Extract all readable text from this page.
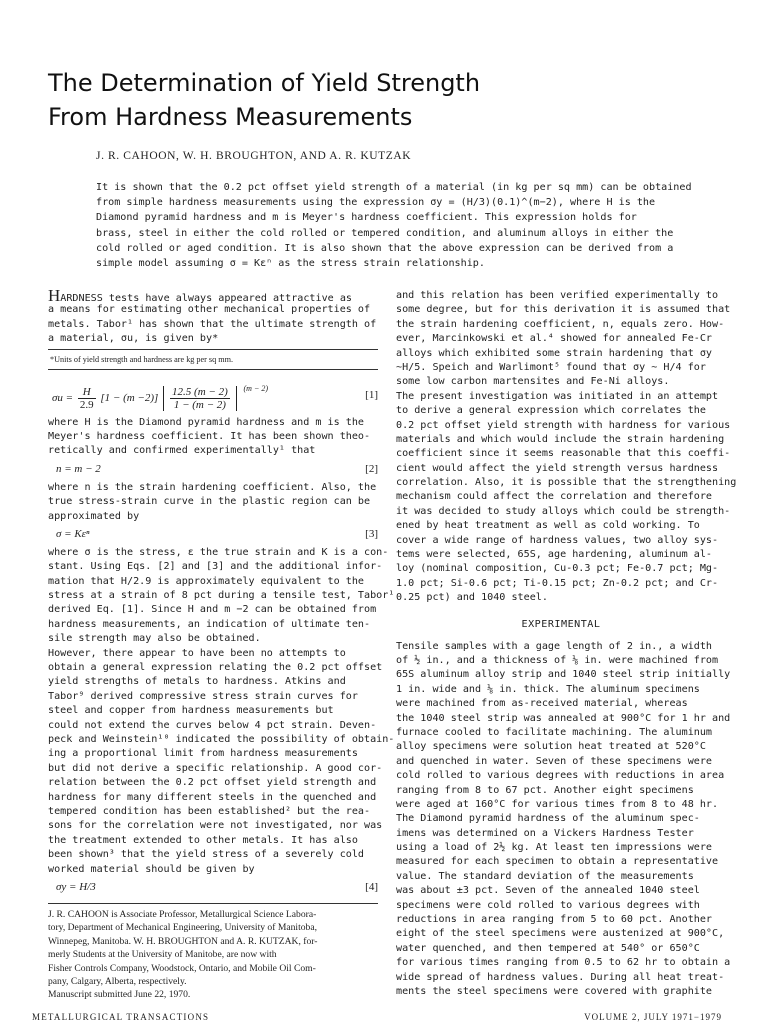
The Determination of Yield Strength
From Hardness Measurements
J. R. CAHOON, W. H. BROUGHTON, AND A. R. KUTZAK
It is shown that the 0.2 pct offset yield strength of a material (in kg per sq mm) can be obtained
from simple hardness measurements using the expression σy = (H/3)(0.1)^(m−2), where H is the
Diamond pyramid hardness and m is Meyer's hardness coefficient. This expression holds for
brass, steel in either the cold rolled or tempered condition, and aluminum alloys in either the
cold rolled or aged condition. It is also shown that the above expression can be derived from a
simple model assuming σ = Kεⁿ as the stress strain relationship.
HARDNESS tests have always appeared attractive as
a means for estimating other mechanical properties of
metals. Tabor¹ has shown that the ultimate strength of
a material, σu, is given by*
*Units of yield strength and hardness are kg per sq mm.
$\sigma u = \frac{H}{2.9} [1 - (m -2)] \frac{12.5 (m - 2)}{1 - (m - 2)} ^{(m - 2)}$
[1]
where H is the Diamond pyramid hardness and m is the
Meyer's hardness coefficient. It has been shown theo-
retically and confirmed experimentally¹ that
n = m − 2	[2]
where n is the strain hardening coefficient. Also, the
true stress-strain curve in the plastic region can be
approximated by
σ = Kεⁿ	[3]
where σ is the stress, ε the true strain and K is a con-
stant. Using Eqs. [2] and [3] and the additional infor-
mation that H/2.9 is approximately equivalent to the
stress at a strain of 8 pct during a tensile test, Tabor¹
derived Eq. [1]. Since H and m −2 can be obtained from
hardness measurements, an indication of ultimate ten-
sile strength may also be obtained.
However, there appear to have been no attempts to
obtain a general expression relating the 0.2 pct offset
yield strengths of metals to hardness. Atkins and
Tabor⁹ derived compressive stress strain curves for
steel and copper from hardness measurements but
could not extend the curves below 4 pct strain. Deven-
peck and Weinstein¹⁰ indicated the possibility of obtain-
ing a proportional limit from hardness measurements
but did not derive a specific relationship. A good cor-
relation between the 0.2 pct offset yield strength and
hardness for many different steels in the quenched and
tempered condition has been established² but the rea-
sons for the correlation were not investigated, nor was
the treatment extended to other metals. It has also
been shown³ that the yield stress of a severely cold
worked material should be given by
σy = H/3	[4]
J. R. CAHOON is Associate Professor, Metallurgical Science Labora-
tory, Department of Mechanical Engineering, University of Manitoba,
Winnepeg, Manitoba. W. H. BROUGHTON and A. R. KUTZAK, for-
merly Students at the University of Manitobe, are now with
Fisher Controls Company, Woodstock, Ontario, and Mobile Oil Com-
pany, Calgary, Alberta, respectively.
Manuscript submitted June 22, 1970.
and this relation has been verified experimentally to
some degree, but for this derivation it is assumed that
the strain hardening coefficient, n, equals zero. How-
ever, Marcinkowski et al.⁴ showed for annealed Fe-Cr
alloys which exhibited some strain hardening that σy
~H/5. Speich and Warlimont⁵ found that σy ~ H/4 for
some low carbon martensites and Fe-Ni alloys.
The present investigation was initiated in an attempt
to derive a general expression which correlates the
0.2 pct offset yield strength with hardness for various
materials and which would include the strain hardening
coefficient since it seems reasonable that this coeffi-
cient would affect the yield strength versus hardness
correlation. Also, it is possible that the strengthening
mechanism could affect the correlation and therefore
it was decided to study alloys which could be strength-
ened by heat treatment as well as cold working. To
cover a wide range of hardness values, two alloy sys-
tems were selected, 65S, age hardening, aluminum al-
loy (nominal composition, Cu-0.3 pct; Fe-0.7 pct; Mg-
1.0 pct; Si-0.6 pct; Ti-0.15 pct; Zn-0.2 pct; and Cr-
0.25 pct) and 1040 steel.
EXPERIMENTAL
Tensile samples with a gage length of 2 in., a width
of ½ in., and a thickness of ⅛ in. were machined from
65S aluminum alloy strip and 1040 steel strip initially
1 in. wide and ⅛ in. thick. The aluminum specimens
were machined from as-received material, whereas
the 1040 steel strip was annealed at 900°C for 1 hr and
furnace cooled to facilitate machining. The aluminum
alloy specimens were solution heat treated at 520°C
and quenched in water. Seven of these specimens were
cold rolled to various degrees with reductions in area
ranging from 8 to 67 pct. Another eight specimens
were aged at 160°C for various times from 8 to 48 hr.
The Diamond pyramid hardness of the aluminum spec-
imens was determined on a Vickers Hardness Tester
using a load of 2½ kg. At least ten impressions were
measured for each specimen to obtain a representative
value. The standard deviation of the measurements
was about ±3 pct. Seven of the annealed 1040 steel
specimens were cold rolled to various degrees with
reductions in area ranging from 5 to 60 pct. Another
eight of the steel specimens were austenized at 900°C,
water quenched, and then tempered at 540° or 650°C
for various times ranging from 0.5 to 62 hr to obtain a
wide spread of hardness values. During all heat treat-
ments the steel specimens were covered with graphite
METALLURGICAL TRANSACTIONS	VOLUME 2, JULY 1971−1979
